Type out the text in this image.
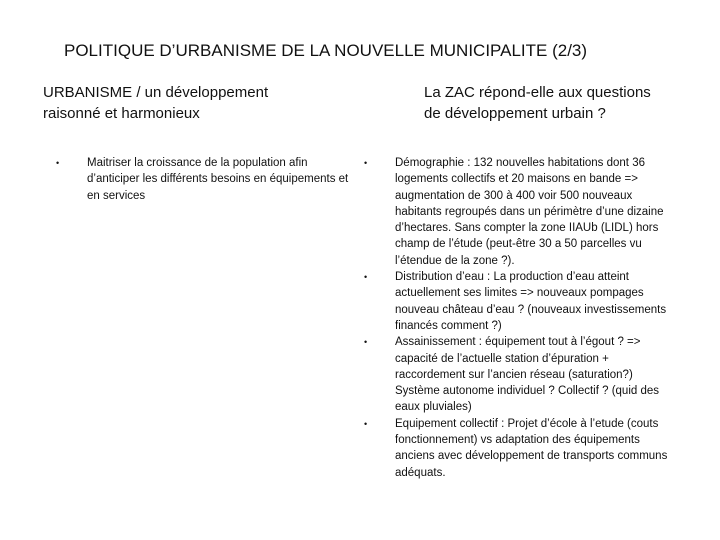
POLITIQUE D’URBANISME DE LA NOUVELLE MUNICIPALITE (2/3)
URBANISME / un développement
raisonné et harmonieux
La ZAC répond-elle aux questions
de développement urbain ?
• Maitriser la croissance de la population afin d’anticiper les différents besoins en équipements et en services
• Démographie : 132 nouvelles habitations dont 36 logements collectifs et 20 maisons en bande => augmentation de 300 à 400 voir 500 nouveaux habitants regroupés dans un périmètre d’une dizaine d’hectares. Sans compter la zone IIAUb (LIDL) hors champ de l’étude (peut-être 30 a 50 parcelles vu l’étendue de la zone ?).
• Distribution d’eau : La production d’eau atteint actuellement ses limites => nouveaux pompages nouveau château d’eau ? (nouveaux investissements financés comment ?)
• Assainissement : équipement tout à l’égout ? => capacité de l’actuelle station d’épuration + raccordement sur l’ancien réseau (saturation?) Système autonome individuel ? Collectif ? (quid des eaux pluviales)
• Equipement collectif : Projet d’école à l’etude (couts fonctionnement) vs adaptation des équipements anciens avec développement de transports communs adéquats.
